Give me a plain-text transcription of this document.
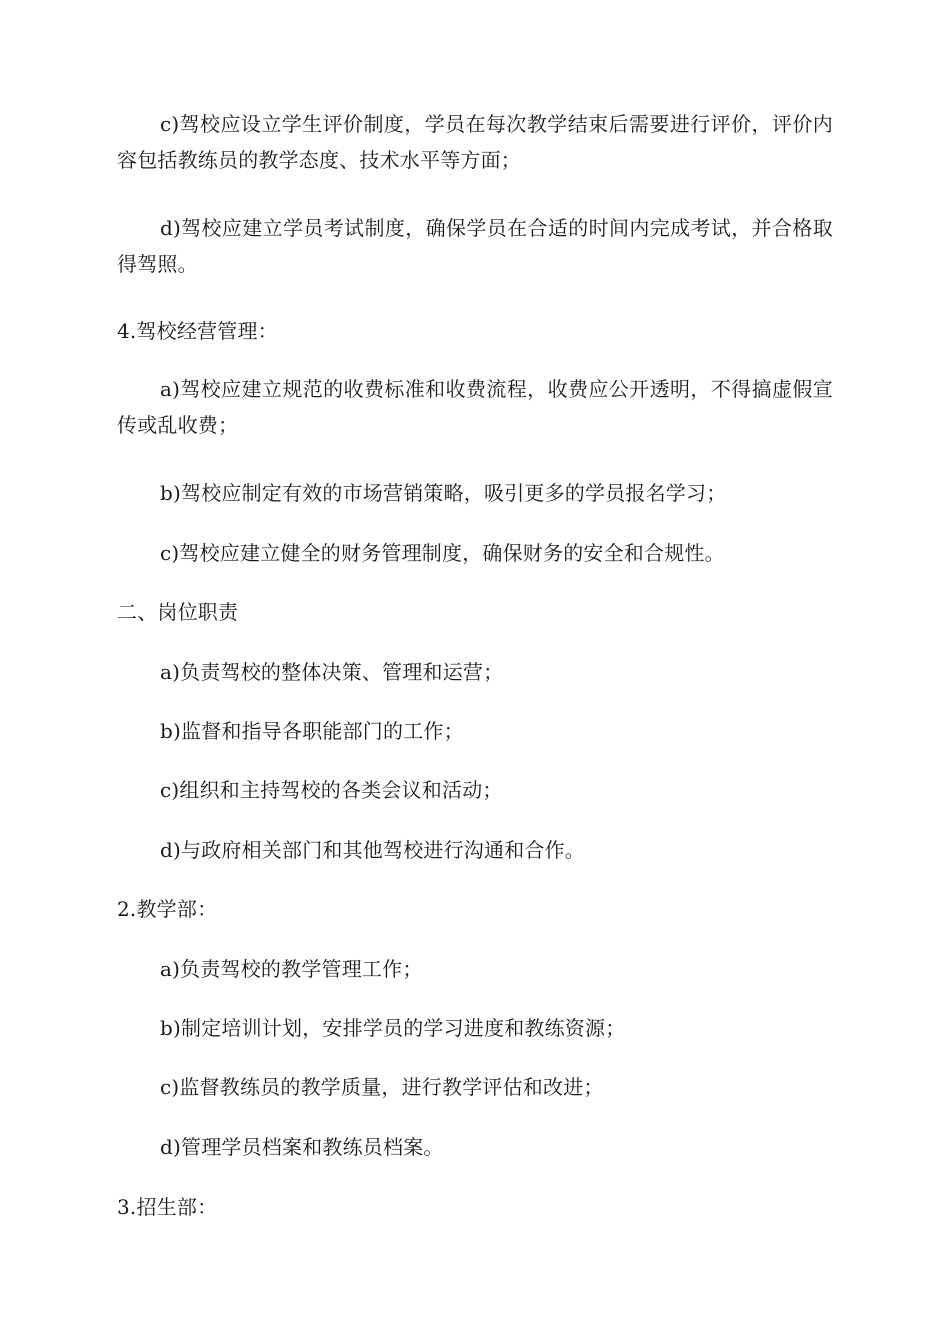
c)驾校应设立学生评价制度，学员在每次教学结束后需要进行评价，评价内容包括教练员的教学态度、技术水平等方面；

d)驾校应建立学员考试制度，确保学员在合适的时间内完成考试，并合格取得驾照。

4.驾校经营管理：

a)驾校应建立规范的收费标准和收费流程，收费应公开透明，不得搞虚假宣传或乱收费；

b)驾校应制定有效的市场营销策略，吸引更多的学员报名学习；

c)驾校应建立健全的财务管理制度，确保财务的安全和合规性。

二、岗位职责

a)负责驾校的整体决策、管理和运营；

b)监督和指导各职能部门的工作；

c)组织和主持驾校的各类会议和活动；

d)与政府相关部门和其他驾校进行沟通和合作。

2.教学部：

a)负责驾校的教学管理工作；

b)制定培训计划，安排学员的学习进度和教练资源；

c)监督教练员的教学质量，进行教学评估和改进；

d)管理学员档案和教练员档案。

3.招生部：
